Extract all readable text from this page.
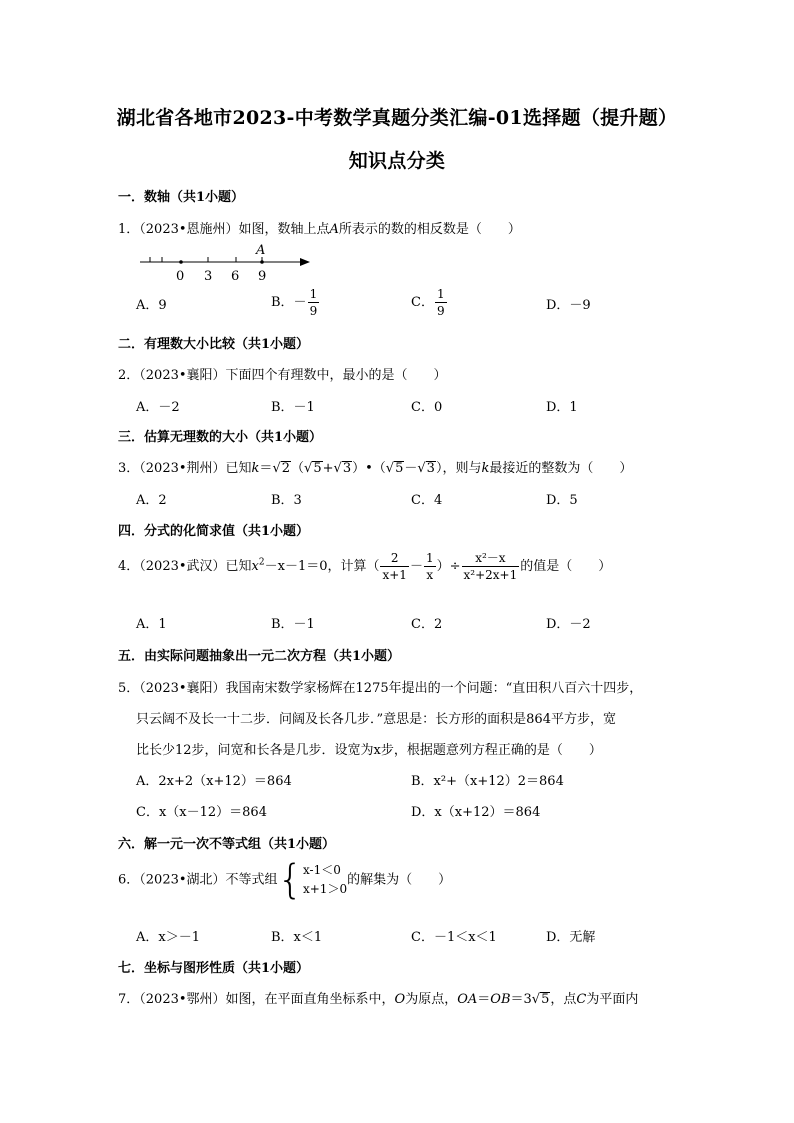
湖北省各地市2023-中考数学真题分类汇编-01选择题（提升题）
知识点分类
一．数轴（共1小题）
1．（2023•恩施州）如图，数轴上点A所表示的数的相反数是（　　）
A
0 3 6 9
A．9	B．－ $\frac{1}{9}$	C． $\frac{1}{9}$	D．－9
二．有理数大小比较（共1小题）
2．（2023•襄阳）下面四个有理数中，最小的是（　　）
A．－2	B．－1	C．0	D．1
三．估算无理数的大小（共1小题）
3．（2023•荆州）已知k＝√2（√5+√3）•（√5－√3），则与k最接近的整数为（　　）
A．2	B．3	C．4	D．5
四．分式的化简求值（共1小题）
4．（2023•武汉）已知$x^2-x-1=0$，计算（ $\frac{2}{x+1} - \frac{1}{x}$ ）÷ $\frac{\text{x²－x}}{\text{x²+2x+1}}$ 的值是（　　）
A．1	B．－1	C．2	D．－2
五．由实际问题抽象出一元二次方程（共1小题）
5．（2023•襄阳）我国南宋数学家杨辉在1275年提出的一个问题：“直田积八百六十四步，
只云阔不及长一十二步．问阔及长各几步．”意思是：长方形的面积是864平方步，宽
比长少12步，问宽和长各是几步．设宽为x步，根据题意列方程正确的是（　　）
A．2x+2（x+12）＝864	B．x²+（x+12）2＝864
C．x（x－12）＝864	D．x（x+12）＝864
六．解一元一次不等式组（共1小题）
6．（2023•湖北）不等式组{ x-1＜0
x+1＞0
的解集为（　　）
A．x＞－1	B．x＜1	C．－1＜x＜1	D．无解
七．坐标与图形性质（共1小题）
7．（2023•鄂州）如图，在平面直角坐标系中，O为原点，OA＝OB＝3√5，点C为平面内
